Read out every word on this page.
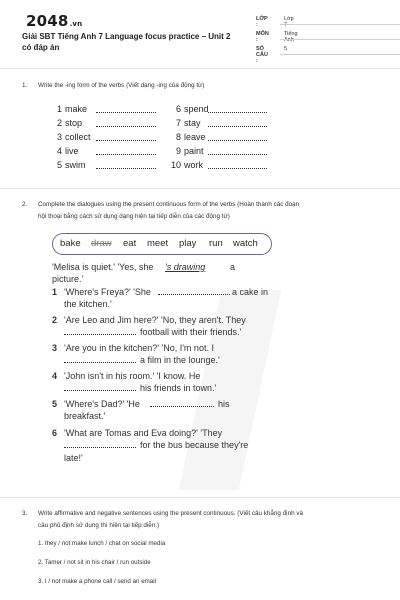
2048.vn
Giải SBT Tiếng Anh 7 Language focus practice – Unit 2 có đáp án
LỚP :
Lớp 7
MÔN :
Tiếng Anh
SỐ CÂU :
5
1. Write the -ing form of the verbs (Viết dạng -ing của động từ)
1 make
2 stop
3 collect
4 live
5 swim
6 spend
7 stay
8 leave
9 paint
10 work
2. Complete the dialogues using the present continuous form of the verbs (Hoàn thành các đoạn
hội thoại bằng cách sử dụng dạng hiện tại tiếp diễn của các động từ)
bake draw eat meet play run watch
'Melisa is quiet.' 'Yes, she 's drawing	a
picture.'
1 'Where's Freya?' 'She	a cake in
the kitchen.'
2 'Are Leo and Jim here?' 'No, they aren't. They
football with their friends.'
3 'Are you in the kitchen?' 'No, I'm not. I
a film in the lounge.'
4 'John isn't in his room.' 'I know. He
his friends in town.'
5 'Where's Dad?' 'He	his
breakfast.'
6 'What are Tomas and Eva doing?' 'They
for the bus because they're
late!'
3. Write affirmative and negative sentences using the present continuous. (Viết câu khẳng định và
câu phủ định sử dụng thì hiện tại tiếp diễn.)
1. they / not make lunch / chat on social media
2. Tamer / not sit in his chair / run outside
3. I / not make a phone call / send an email
